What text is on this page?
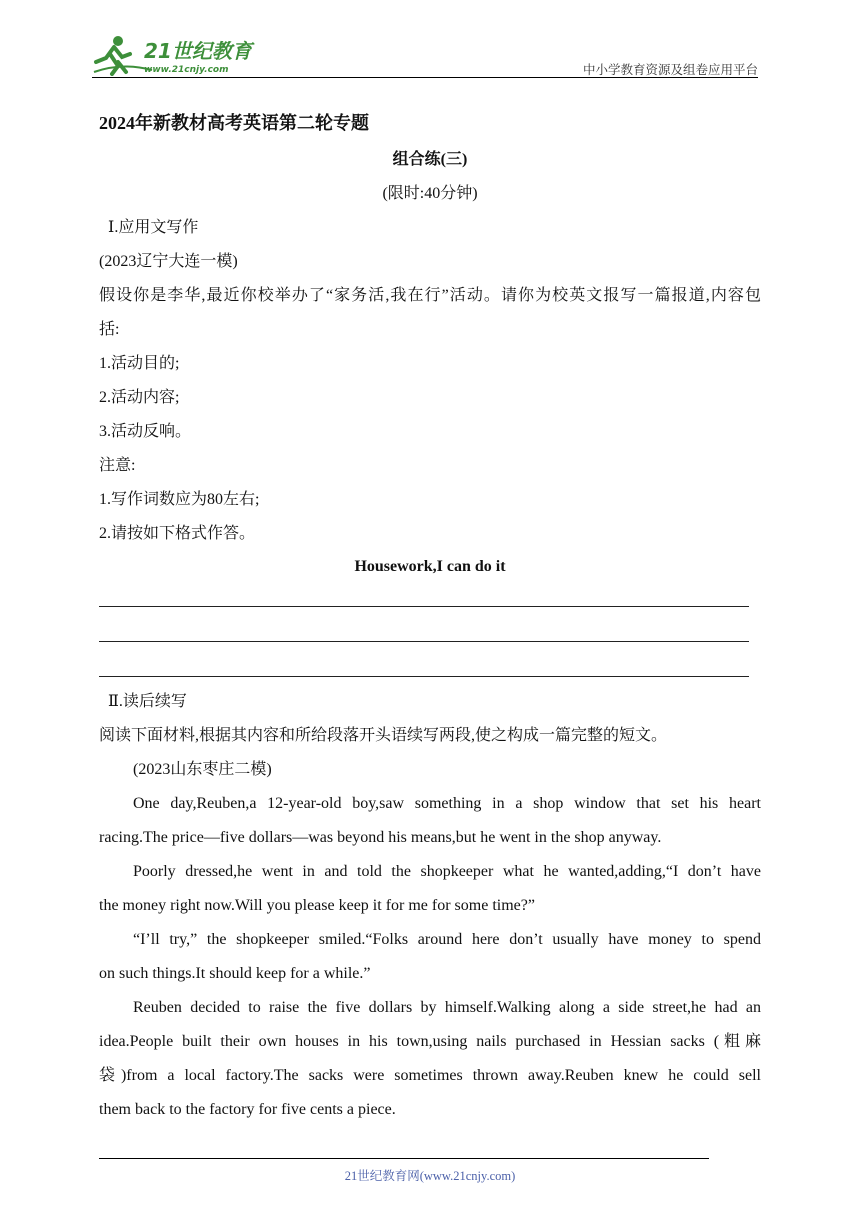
21世纪教育
www.21cnjy.com	中小学教育资源及组卷应用平台
2024年新教材高考英语第二轮专题
组合练(三)
(限时:40分钟)
Ⅰ.应用文写作
(2023辽宁大连一模)
假设你是李华,最近你校举办了“家务活,我在行”活动。请你为校英文报写一篇报道,内容包
括:
1.活动目的;
2.活动内容;
3.活动反响。
注意:
1.写作词数应为80左右;
2.请按如下格式作答。
Housework,I can do it
Ⅱ.读后续写
阅读下面材料,根据其内容和所给段落开头语续写两段,使之构成一篇完整的短文。
(2023山东枣庄二模)
One day,Reuben,a 12-year-old boy,saw something in a shop window that set his heart
racing.The price—five dollars—was beyond his means,but he went in the shop anyway.
Poorly dressed,he went in and told the shopkeeper what he wanted,adding,“I don’t have
the money right now.Will you please keep it for me for some time?”
“I’ll try,” the shopkeeper smiled.“Folks around here don’t usually have money to spend
on such things.It should keep for a while.”
Reuben decided to raise the five dollars by himself.Walking along a side street,he had an
idea.People built their own houses in his town,using nails purchased in Hessian sacks (粗麻
袋)from a local factory.The sacks were sometimes thrown away.Reuben knew he could sell
them back to the factory for five cents a piece.
21世纪教育网(www.21cnjy.com)
